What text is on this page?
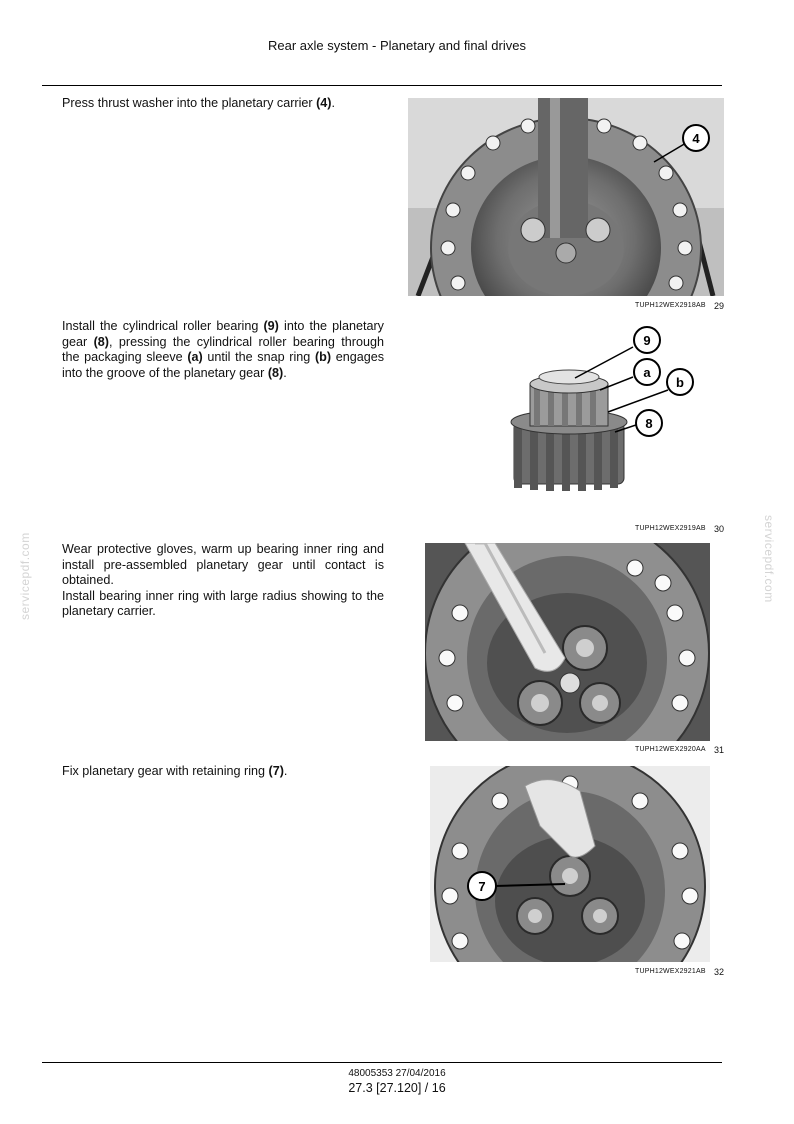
Rear axle system - Planetary and final drives

Press thrust washer into the planetary carrier (4).

4
TUPH12WEX2918AB 29

Install the cylindrical roller bearing (9) into the planetary gear (8), pressing the cylindrical roller bearing through the packaging sleeve (a) until the snap ring (b) engages into the groove of the planetary gear (8).

9
a
b
8
TUPH12WEX2919AB 30

Wear protective gloves, warm up bearing inner ring and install pre-assembled planetary gear until contact is obtained.

Install bearing inner ring with large radius showing to the planetary carrier.

TUPH12WEX2920AA 31

Fix planetary gear with retaining ring (7).

7
TUPH12WEX2921AB 32
servicepdf.com	servicepdf.com
48005353 27/04/2016
27.3 [27.120] / 16
